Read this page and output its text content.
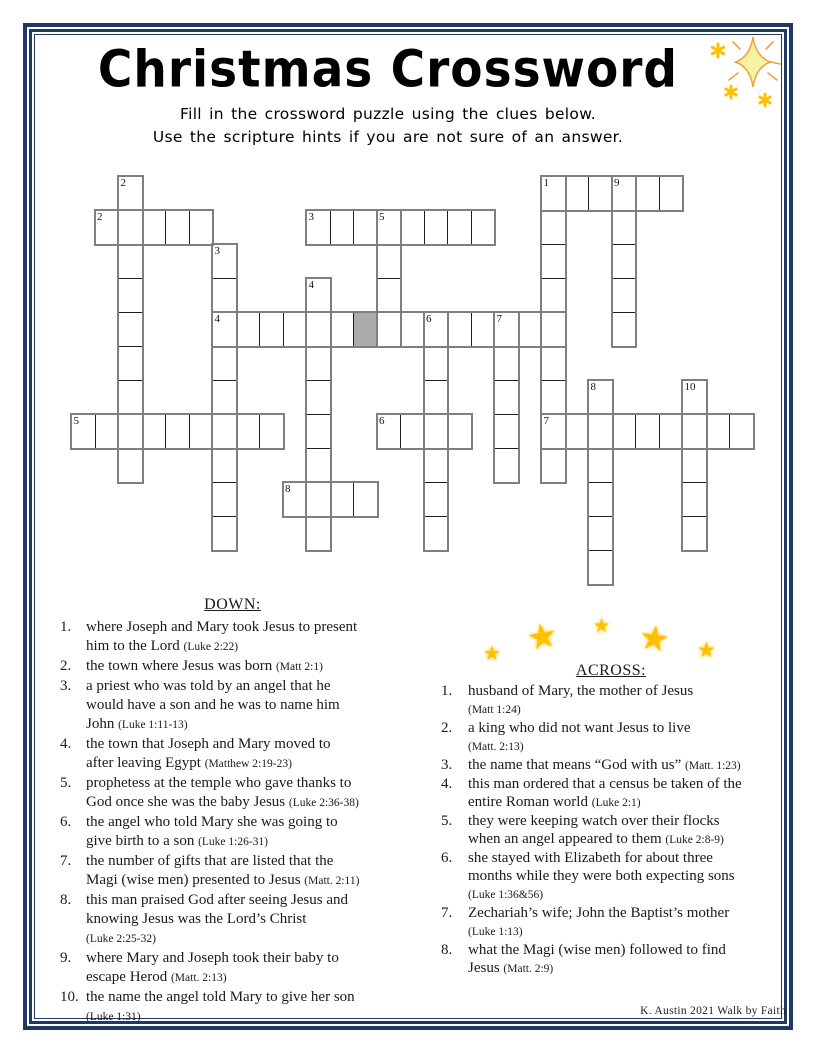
Christmas Crossword
Fill in the crossword puzzle using the clues below.
Use the scripture hints if you are not sure of an answer.
1
2	9
2	3	5
3
4
4	6	7
8	10
5	6	7
8
DOWN:
1. where Joseph and Mary took Jesus to present
him to the Lord (Luke 2:22)
2. the town where Jesus was born (Matt 2:1)
3. a priest who was told by an angel that he
would have a son and he was to name him
John (Luke 1:11-13)
4. the town that Joseph and Mary moved to
after leaving Egypt (Matthew 2:19-23)
5. prophetess at the temple who gave thanks to
God once she was the baby Jesus (Luke 2:36-38)
6. the angel who told Mary she was going to
give birth to a son (Luke 1:26-31)
7. the number of gifts that are listed that the
Magi (wise men) presented to Jesus (Matt. 2:11)
8. this man praised God after seeing Jesus and
knowing Jesus was the Lord’s Christ
(Luke 2:25-32)
9. where Mary and Joseph took their baby to
escape Herod (Matt. 2:13)
10. the name the angel told Mary to give her son
(Luke 1:31)
★ ★ ★ ★ ★
ACROSS:
1.	husband of Mary, the mother of Jesus
(Matt 1:24)
2.	a king who did not want Jesus to live
(Matt. 2:13)
3.	the name that means “God with us” (Matt. 1:23)
4.	this man ordered that a census be taken of the
entire Roman world (Luke 2:1)
5.	they were keeping watch over their flocks
when an angel appeared to them (Luke 2:8-9)
6.	she stayed with Elizabeth for about three
months while they were both expecting sons
(Luke 1:36&56)
7.	Zechariah’s wife; John the Baptist’s mother
(Luke 1:13)
8.	what the Magi (wise men) followed to find
Jesus (Matt. 2:9)
K. Austin 2021 Walk by Faith
